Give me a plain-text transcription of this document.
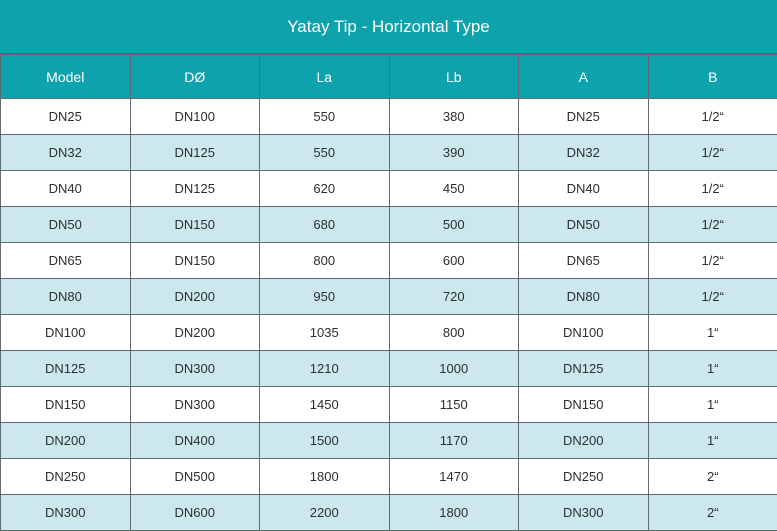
Yatay Tip - Horizontal Type
Model	DØ	La	Lb	A	B
DN25	DN100	550	380	DN25	1/2“
DN32	DN125	550	390	DN32	1/2“
DN40	DN125	620	450	DN40	1/2“
DN50	DN150	680	500	DN50	1/2“
DN65	DN150	800	600	DN65	1/2“
DN80	DN200	950	720	DN80	1/2“
DN100	DN200	1035	800	DN100	1“
DN125	DN300	1210	1000	DN125	1“
DN150	DN300	1450	1150	DN150	1“
DN200	DN400	1500	1170	DN200	1“
DN250	DN500	1800	1470	DN250	2“
DN300	DN600	2200	1800	DN300	2“
